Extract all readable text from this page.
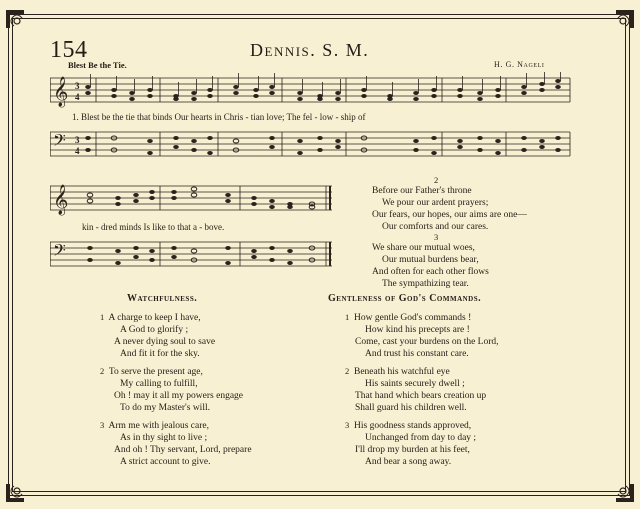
154	Dennis. S. M.
Blest Be the Tie.	H. G. Nageli
𝄞 3
4
1. Blest be the tie that binds Our hearts in Chris - tian love; The fel - low - ship of
𝄢 3
4
𝄞
kin - dred minds Is like to that a - bove.
𝄢
2
Before our Father's throne
We pour our ardent prayers;
Our fears, our hopes, our aims are one—
Our comforts and our cares.
3
We share our mutual woes,
Our mutual burdens bear,
And often for each other flows
The sympathizing tear.
Watchfulness.
1 A charge to keep I have,
A God to glorify ;
A never dying soul to save
And fit it for the sky.
2 To serve the present age,
My calling to fulfill,
Oh ! may it all my powers engage
To do my Master's will.
3 Arm me with jealous care,
As in thy sight to live ;
And oh ! Thy servant, Lord, prepare
A strict account to give.
Gentleness of God's Commands.
1 How gentle God's commands !
How kind his precepts are !
Come, cast your burdens on the Lord,
And trust his constant care.
2 Beneath his watchful eye
His saints securely dwell ;
That hand which bears creation up
Shall guard his children well.
3 His goodness stands approved,
Unchanged from day to day ;
I'll drop my burden at his feet,
And bear a song away.
